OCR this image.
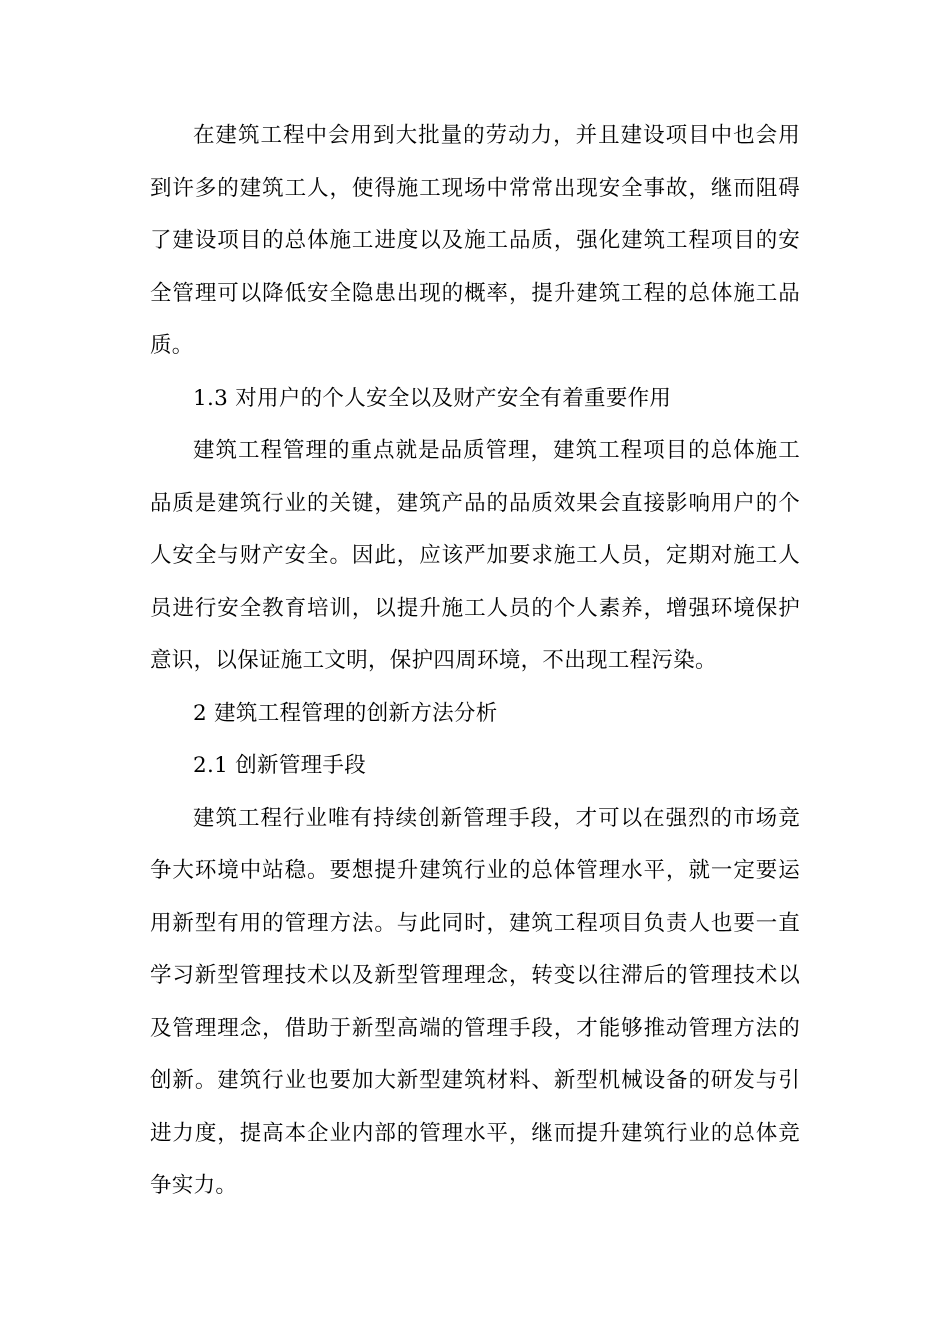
在建筑工程中会用到大批量的劳动力，并且建设项目中也会用到许多的建筑工人，使得施工现场中常常出现安全事故，继而阻碍了建设项目的总体施工进度以及施工品质，强化建筑工程项目的安全管理可以降低安全隐患出现的概率，提升建筑工程的总体施工品质。

1.3 对用户的个人安全以及财产安全有着重要作用

建筑工程管理的重点就是品质管理，建筑工程项目的总体施工品质是建筑行业的关键，建筑产品的品质效果会直接影响用户的个人安全与财产安全。因此，应该严加要求施工人员，定期对施工人员进行安全教育培训，以提升施工人员的个人素养，增强环境保护意识，以保证施工文明，保护四周环境，不出现工程污染。

2 建筑工程管理的创新方法分析

2.1 创新管理手段

建筑工程行业唯有持续创新管理手段，才可以在强烈的市场竞争大环境中站稳。要想提升建筑行业的总体管理水平，就一定要运用新型有用的管理方法。与此同时，建筑工程项目负责人也要一直学习新型管理技术以及新型管理理念，转变以往滞后的管理技术以及管理理念，借助于新型高端的管理手段，才能够推动管理方法的创新。建筑行业也要加大新型建筑材料、新型机械设备的研发与引进力度，提高本企业内部的管理水平，继而提升建筑行业的总体竞争实力。
